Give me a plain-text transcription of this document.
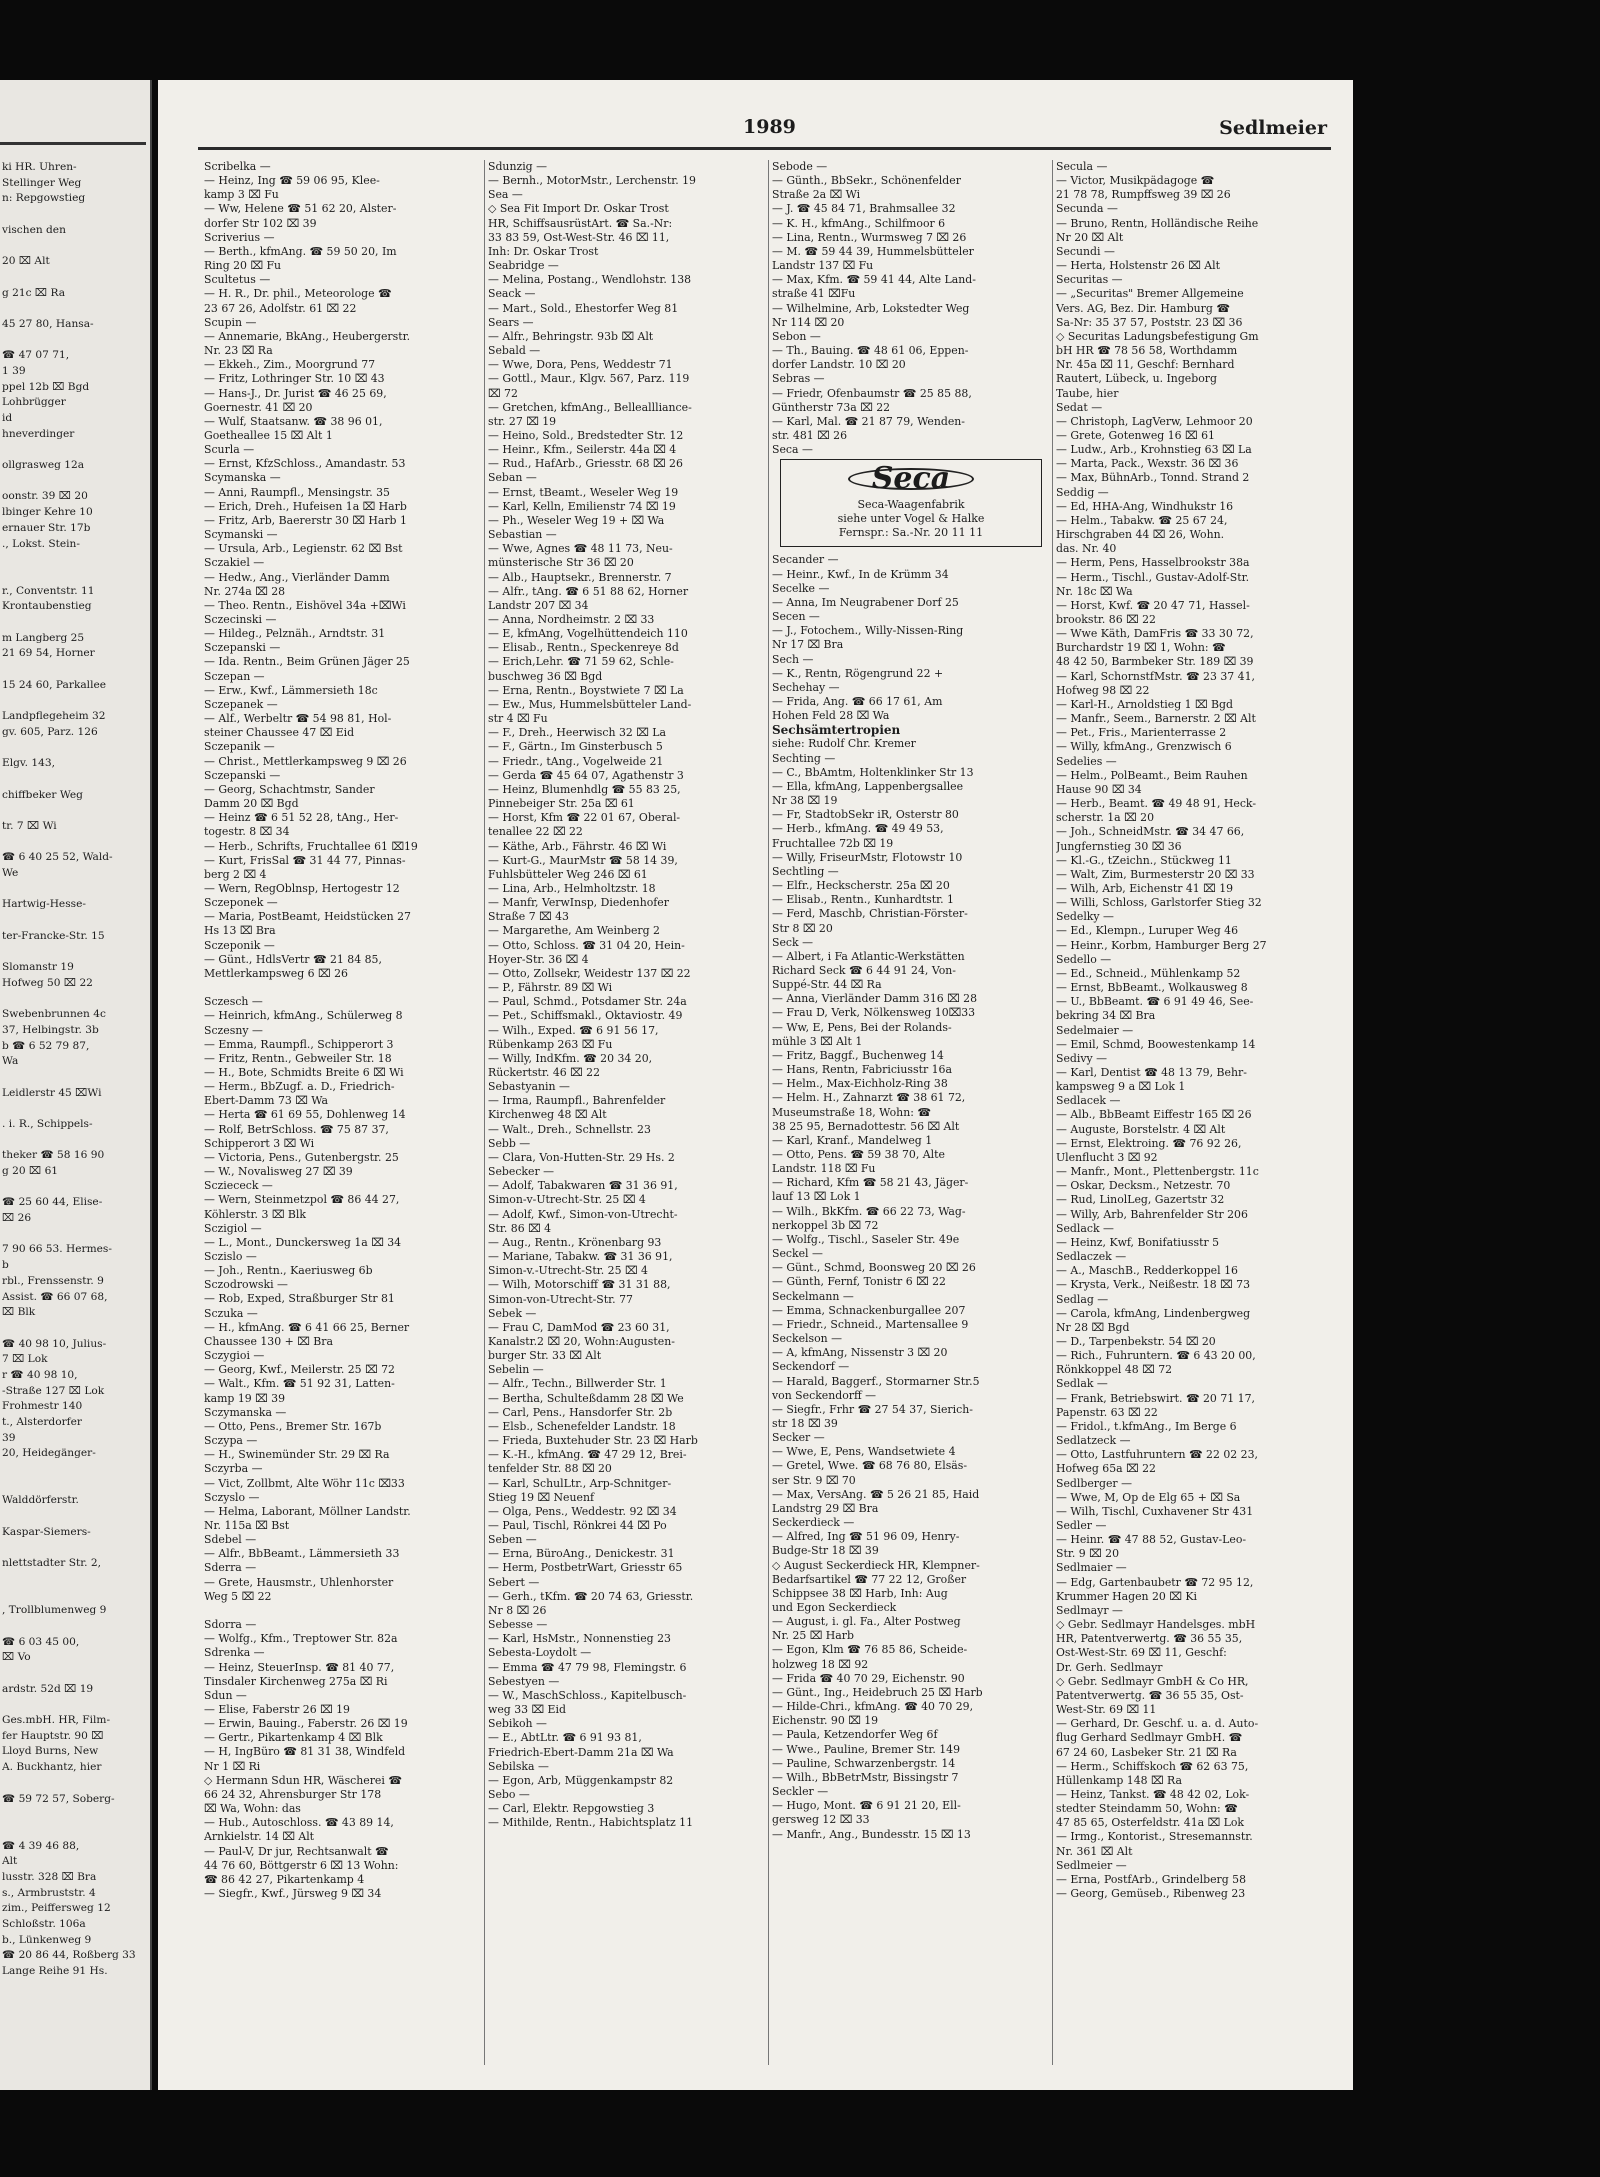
ki HR. Uhren-
Stellinger Weg
n: Repgowstieg
vischen den
20 ⌧ Alt
g 21c ⌧ Ra
45 27 80, Hansa-
☎ 47 07 71,
1 39
ppel 12b ⌧ Bgd
Lohbrügger
id
hneverdinger
ollgrasweg 12a
oonstr. 39 ⌧ 20
lbinger Kehre 10
ernauer Str. 17b
., Lokst. Stein-
r., Conventstr. 11
Krontaubenstieg
m Langberg 25
21 69 54, Horner
15 24 60, Parkallee
Landpflegeheim 32
gv. 605, Parz. 126
Elgv. 143,
chiffbeker Weg
tr. 7 ⌧ Wi
☎ 6 40 25 52, Wald-
We
Hartwig-Hesse-
ter-Francke-Str. 15
Slomanstr 19
Hofweg 50 ⌧ 22
Swebenbrunnen 4c
37, Helbingstr. 3b
b ☎ 6 52 79 87,
Wa
Leidlerstr 45 ⌧Wi
. i. R., Schippels-
theker ☎ 58 16 90
g 20 ⌧ 61
☎ 25 60 44, Elise-
⌧ 26
7 90 66 53. Hermes-
b
rbl., Frenssenstr. 9
Assist. ☎ 66 07 68,
⌧ Blk
☎ 40 98 10, Julius-
7 ⌧ Lok
r ☎ 40 98 10,
-Straße 127 ⌧ Lok
Frohmestr 140
t., Alsterdorfer
39
20, Heidegänger-
Walddörferstr.
Kaspar-Siemers-
nlettstadter Str. 2,
, Trollblumenweg 9
☎ 6 03 45 00,
⌧ Vo
ardstr. 52d ⌧ 19
Ges.mbH. HR, Film-
fer Hauptstr. 90 ⌧
Lloyd Burns, New
A. Buckhantz, hier
☎ 59 72 57, Soberg-
☎ 4 39 46 88,
Alt
lusstr. 328 ⌧ Bra
s., Armbruststr. 4
zim., Peiffersweg 12
Schloßstr. 106a
b., Lünkenweg 9
☎ 20 86 44, Roßberg 33
Lange Reihe 91 Hs.
1989	Sedlmeier
Scribelka —
— Heinz, Ing ☎ 59 06 95, Klee-
kamp 3 ⌧ Fu
— Ww, Helene ☎ 51 62 20, Alster-
dorfer Str 102 ⌧ 39
Scriverius —
— Berth., kfmAng. ☎ 59 50 20, Im
Ring 20 ⌧ Fu
Scultetus —
— H. R., Dr. phil., Meteorologe ☎
23 67 26, Adolfstr. 61 ⌧ 22
Scupin —
— Annemarie, BkAng., Heubergerstr.
Nr. 23 ⌧ Ra
— Ekkeh., Zim., Moorgrund 77
— Fritz, Lothringer Str. 10 ⌧ 43
— Hans-J., Dr. Jurist ☎ 46 25 69,
Goernestr. 41 ⌧ 20
— Wulf, Staatsanw. ☎ 38 96 01,
Goetheallee 15 ⌧ Alt 1
Scurla —
— Ernst, KfzSchloss., Amandastr. 53
Scymanska —
— Anni, Raumpfl., Mensingstr. 35
— Erich, Dreh., Hufeisen 1a ⌧ Harb
— Fritz, Arb, Baererstr 30 ⌧ Harb 1
Scymanski —
— Ursula, Arb., Legienstr. 62 ⌧ Bst
Sczakiel —
— Hedw., Ang., Vierländer Damm
Nr. 274a ⌧ 28
— Theo. Rentn., Eishövel 34a +⌧Wi
Sczecinski —
— Hildeg., Pelznäh., Arndtstr. 31
Sczepanski —
— Ida. Rentn., Beim Grünen Jäger 25
Sczepan —
— Erw., Kwf., Lämmersieth 18c
Sczepanek —
— Alf., Werbeltr ☎ 54 98 81, Hol-
steiner Chaussee 47 ⌧ Eid
Sczepanik —
— Christ., Mettlerkampsweg 9 ⌧ 26
Sczepanski —
— Georg, Schachtmstr, Sander
Damm 20 ⌧ Bgd
— Heinz ☎ 6 51 52 28, tAng., Her-
togestr. 8 ⌧ 34
— Herb., Schrifts, Fruchtallee 61 ⌧19
— Kurt, FrisSal ☎ 31 44 77, Pinnas-
berg 2 ⌧ 4
— Wern, RegOblnsp, Hertogestr 12
Sczeponek —
— Maria, PostBeamt, Heidstücken 27
Hs 13 ⌧ Bra
Sczeponik —
— Günt., HdlsVertr ☎ 21 84 85,
Mettlerkampsweg 6 ⌧ 26
Sczesch —
— Heinrich, kfmAng., Schülerweg 8
Sczesny —
— Emma, Raumpfl., Schipperort 3
— Fritz, Rentn., Gebweiler Str. 18
— H., Bote, Schmidts Breite 6 ⌧ Wi
— Herm., BbZugf. a. D., Friedrich-
Ebert-Damm 73 ⌧ Wa
— Herta ☎ 61 69 55, Dohlenweg 14
— Rolf, BetrSchloss. ☎ 75 87 37,
Schipperort 3 ⌧ Wi
— Victoria, Pens., Gutenbergstr. 25
— W., Novalisweg 27 ⌧ 39
Scziececk —
— Wern, Steinmetzpol ☎ 86 44 27,
Köhlerstr. 3 ⌧ Blk
Sczigiol —
— L., Mont., Dunckersweg 1a ⌧ 34
Sczislo —
— Joh., Rentn., Kaeriusweg 6b
Sczodrowski —
— Rob, Exped, Straßburger Str 81
Sczuka —
— H., kfmAng. ☎ 6 41 66 25, Berner
Chaussee 130 + ⌧ Bra
Sczygioi —
— Georg, Kwf., Meilerstr. 25 ⌧ 72
— Walt., Kfm. ☎ 51 92 31, Latten-
kamp 19 ⌧ 39
Sczymanska —
— Otto, Pens., Bremer Str. 167b
Sczypa —
— H., Swinemünder Str. 29 ⌧ Ra
Sczyrba —
— Vict, Zollbmt, Alte Wöhr 11c ⌧33
Sczyslo —
— Helma, Laborant, Möllner Landstr.
Nr. 115a ⌧ Bst
Sdebel —
— Alfr., BbBeamt., Lämmersieth 33
Sderra —
— Grete, Hausmstr., Uhlenhorster
Weg 5 ⌧ 22
Sdorra —
— Wolfg., Kfm., Treptower Str. 82a
Sdrenka —
— Heinz, SteuerInsp. ☎ 81 40 77,
Tinsdaler Kirchenweg 275a ⌧ Ri
Sdun —
— Elise, Faberstr 26 ⌧ 19
— Erwin, Bauing., Faberstr. 26 ⌧ 19
— Gertr., Pikartenkamp 4 ⌧ Blk
— H, IngBüro ☎ 81 31 38, Windfeld
Nr 1 ⌧ Ri
◇ Hermann Sdun HR, Wäscherei ☎
66 24 32, Ahrensburger Str 178
⌧ Wa, Wohn: das
— Hub., Autoschloss. ☎ 43 89 14,
Arnkielstr. 14 ⌧ Alt
— Paul-V, Dr jur, Rechtsanwalt ☎
44 76 60, Böttgerstr 6 ⌧ 13 Wohn:
☎ 86 42 27, Pikartenkamp 4
— Siegfr., Kwf., Jürsweg 9 ⌧ 34
Sdunzig —
— Bernh., MotorMstr., Lerchenstr. 19
Sea —
◇ Sea Fit Import Dr. Oskar Trost
HR, SchiffsausrüstArt. ☎ Sa.-Nr:
33 83 59, Ost-West-Str. 46 ⌧ 11,
Inh: Dr. Oskar Trost
Seabridge —
— Melina, Postang., Wendlohstr. 138
Seack —
— Mart., Sold., Ehestorfer Weg 81
Sears —
— Alfr., Behringstr. 93b ⌧ Alt
Sebald —
— Wwe, Dora, Pens, Weddestr 71
— Gottl., Maur., Klgv. 567, Parz. 119
⌧ 72
— Gretchen, kfmAng., Belleallliance-
str. 27 ⌧ 19
— Heino, Sold., Bredstedter Str. 12
— Heinr., Kfm., Seilerstr. 44a ⌧ 4
— Rud., HafArb., Griesstr. 68 ⌧ 26
Seban —
— Ernst, tBeamt., Weseler Weg 19
— Karl, Kelln, Emilienstr 74 ⌧ 19
— Ph., Weseler Weg 19 + ⌧ Wa
Sebastian —
— Wwe, Agnes ☎ 48 11 73, Neu-
münsterische Str 36 ⌧ 20
— Alb., Hauptsekr., Brennerstr. 7
— Alfr., tAng. ☎ 6 51 88 62, Horner
Landstr 207 ⌧ 34
— Anna, Nordheimstr. 2 ⌧ 33
— E, kfmAng, Vogelhüttendeich 110
— Elisab., Rentn., Speckenreye 8d
— Erich,Lehr. ☎ 71 59 62, Schle-
buschweg 36 ⌧ Bgd
— Erna, Rentn., Boystwiete 7 ⌧ La
— Ew., Mus, Hummelsbütteler Land-
str 4 ⌧ Fu
— F., Dreh., Heerwisch 32 ⌧ La
— F., Gärtn., Im Ginsterbusch 5
— Friedr., tAng., Vogelweide 21
— Gerda ☎ 45 64 07, Agathenstr 3
— Heinz, Blumenhdlg ☎ 55 83 25,
Pinnebeiger Str. 25a ⌧ 61
— Horst, Kfm ☎ 22 01 67, Oberal-
tenallee 22 ⌧ 22
— Käthe, Arb., Fährstr. 46 ⌧ Wi
— Kurt-G., MaurMstr ☎ 58 14 39,
Fuhlsbütteler Weg 246 ⌧ 61
— Lina, Arb., Helmholtzstr. 18
— Manfr, VerwInsp, Diedenhofer
Straße 7 ⌧ 43
— Margarethe, Am Weinberg 2
— Otto, Schloss. ☎ 31 04 20, Hein-
Hoyer-Str. 36 ⌧ 4
— Otto, Zollsekr, Weidestr 137 ⌧ 22
— P., Fährstr. 89 ⌧ Wi
— Paul, Schmd., Potsdamer Str. 24a
— Pet., Schiffsmakl., Oktaviostr. 49
— Wilh., Exped. ☎ 6 91 56 17,
Rübenkamp 263 ⌧ Fu
— Willy, IndKfm. ☎ 20 34 20,
Rückertstr. 46 ⌧ 22
Sebastyanin —
— Irma, Raumpfl., Bahrenfelder
Kirchenweg 48 ⌧ Alt
— Walt., Dreh., Schnellstr. 23
Sebb —
— Clara, Von-Hutten-Str. 29 Hs. 2
Sebecker —
— Adolf, Tabakwaren ☎ 31 36 91,
Simon-v-Utrecht-Str. 25 ⌧ 4
— Adolf, Kwf., Simon-von-Utrecht-
Str. 86 ⌧ 4
— Aug., Rentn., Krönenbarg 93
— Mariane, Tabakw. ☎ 31 36 91,
Simon-v.-Utrecht-Str. 25 ⌧ 4
— Wilh, Motorschiff ☎ 31 31 88,
Simon-von-Utrecht-Str. 77
Sebek —
— Frau C, DamMod ☎ 23 60 31,
Kanalstr.2 ⌧ 20, Wohn:Augusten-
burger Str. 33 ⌧ Alt
Sebelin —
— Alfr., Techn., Billwerder Str. 1
— Bertha, Schulteßdamm 28 ⌧ We
— Carl, Pens., Hansdorfer Str. 2b
— Elsb., Schenefelder Landstr. 18
— Frieda, Buxtehuder Str. 23 ⌧ Harb
— K.-H., kfmAng. ☎ 47 29 12, Brei-
tenfelder Str. 88 ⌧ 20
— Karl, SchulLtr., Arp-Schnitger-
Stieg 19 ⌧ Neuenf
— Olga, Pens., Weddestr. 92 ⌧ 34
— Paul, Tischl, Rönkrei 44 ⌧ Po
Seben —
— Erna, BüroAng., Denickestr. 31
— Herm, PostbetrWart, Griesstr 65
Sebert —
— Gerh., tKfm. ☎ 20 74 63, Griesstr.
Nr 8 ⌧ 26
Sebesse —
— Karl, HsMstr., Nonnenstieg 23
Sebesta-Loydolt —
— Emma ☎ 47 79 98, Flemingstr. 6
Sebestyen —
— W., MaschSchloss., Kapitelbusch-
weg 33 ⌧ Eid
Sebikoh —
— E., AbtLtr. ☎ 6 91 93 81,
Friedrich-Ebert-Damm 21a ⌧ Wa
Sebilska —
— Egon, Arb, Müggenkampstr 82
Sebo —
— Carl, Elektr. Repgowstieg 3
— Mithilde, Rentn., Habichtsplatz 11
Sebode —
— Günth., BbSekr., Schönenfelder
Straße 2a ⌧ Wi
— J. ☎ 45 84 71, Brahmsallee 32
— K. H., kfmAng., Schilfmoor 6
— Lina, Rentn., Wurmsweg 7 ⌧ 26
— M. ☎ 59 44 39, Hummelsbütteler
Landstr 137 ⌧ Fu
— Max, Kfm. ☎ 59 41 44, Alte Land-
straße 41 ⌧Fu
— Wilhelmine, Arb, Lokstedter Weg
Nr 114 ⌧ 20
Sebon —
— Th., Bauing. ☎ 48 61 06, Eppen-
dorfer Landstr. 10 ⌧ 20
Sebras —
— Friedr, Ofenbaumstr ☎ 25 85 88,
Güntherstr 73a ⌧ 22
— Karl, Mal. ☎ 21 87 79, Wenden-
str. 481 ⌧ 26
Seca —
Seca
Seca-Waagenfabrik
siehe unter Vogel & Halke
Fernspr.: Sa.-Nr. 20 11 11
Secander —
— Heinr., Kwf., In de Krümm 34
Secelke —
— Anna, Im Neugrabener Dorf 25
Secen —
— J., Fotochem., Willy-Nissen-Ring
Nr 17 ⌧ Bra
Sech —
— K., Rentn, Rögengrund 22 +
Sechehay —
— Frida, Ang. ☎ 66 17 61, Am
Hohen Feld 28 ⌧ Wa
Sechsämtertropien
siehe: Rudolf Chr. Kremer
Sechting —
— C., BbAmtm, Holtenklinker Str 13
— Ella, kfmAng, Lappenbergsallee
Nr 38 ⌧ 19
— Fr, StadtobSekr iR, Osterstr 80
— Herb., kfmAng. ☎ 49 49 53,
Fruchtallee 72b ⌧ 19
— Willy, FriseurMstr, Flotowstr 10
Sechtling —
— Elfr., Heckscherstr. 25a ⌧ 20
— Elisab., Rentn., Kunhardtstr. 1
— Ferd, Maschb, Christian-Förster-
Str 8 ⌧ 20
Seck —
— Albert, i Fa Atlantic-Werkstätten
Richard Seck ☎ 6 44 91 24, Von-
Suppé-Str. 44 ⌧ Ra
— Anna, Vierländer Damm 316 ⌧ 28
— Frau D, Verk, Nölkensweg 10⌧33
— Ww, E, Pens, Bei der Rolands-
mühle 3 ⌧ Alt 1
— Fritz, Baggf., Buchenweg 14
— Hans, Rentn, Fabriciusstr 16a
— Helm., Max-Eichholz-Ring 38
— Helm. H., Zahnarzt ☎ 38 61 72,
Museumstraße 18, Wohn: ☎
38 25 95, Bernadottestr. 56 ⌧ Alt
— Karl, Kranf., Mandelweg 1
— Otto, Pens. ☎ 59 38 70, Alte
Landstr. 118 ⌧ Fu
— Richard, Kfm ☎ 58 21 43, Jäger-
lauf 13 ⌧ Lok 1
— Wilh., BkKfm. ☎ 66 22 73, Wag-
nerkoppel 3b ⌧ 72
— Wolfg., Tischl., Saseler Str. 49e
Seckel —
— Günt., Schmd, Boonsweg 20 ⌧ 26
— Günth, Fernf, Tonistr 6 ⌧ 22
Seckelmann —
— Emma, Schnackenburgallee 207
— Friedr., Schneid., Martensallee 9
Seckelson —
— A, kfmAng, Nissenstr 3 ⌧ 20
Seckendorf —
— Harald, Baggerf., Stormarner Str.5
von Seckendorff —
— Siegfr., Frhr ☎ 27 54 37, Sierich-
str 18 ⌧ 39
Secker —
— Wwe, E, Pens, Wandsetwiete 4
— Gretel, Wwe. ☎ 68 76 80, Elsäs-
ser Str. 9 ⌧ 70
— Max, VersAng. ☎ 5 26 21 85, Haid
Landstrg 29 ⌧ Bra
Seckerdieck —
— Alfred, Ing ☎ 51 96 09, Henry-
Budge-Str 18 ⌧ 39
◇ August Seckerdieck HR, Klempner-
Bedarfsartikel ☎ 77 22 12, Großer
Schippsee 38 ⌧ Harb, Inh: Aug
und Egon Seckerdieck
— August, i. gl. Fa., Alter Postweg
Nr. 25 ⌧ Harb
— Egon, Klm ☎ 76 85 86, Scheide-
holzweg 18 ⌧ 92
— Frida ☎ 40 70 29, Eichenstr. 90
— Günt., Ing., Heidebruch 25 ⌧ Harb
— Hilde-Chri., kfmAng. ☎ 40 70 29,
Eichenstr. 90 ⌧ 19
— Paula, Ketzendorfer Weg 6f
— Wwe., Pauline, Bremer Str. 149
— Pauline, Schwarzenbergstr. 14
— Wilh., BbBetrMstr, Bissingstr 7
Seckler —
— Hugo, Mont. ☎ 6 91 21 20, Ell-
gersweg 12 ⌧ 33
— Manfr., Ang., Bundesstr. 15 ⌧ 13
Secula —
— Victor, Musikpädagoge ☎
21 78 78, Rumpffsweg 39 ⌧ 26
Secunda —
— Bruno, Rentn, Holländische Reihe
Nr 20 ⌧ Alt
Secundi —
— Herta, Holstenstr 26 ⌧ Alt
Securitas —
— „Securitas" Bremer Allgemeine
Vers. AG, Bez. Dir. Hamburg ☎
Sa-Nr: 35 37 57, Poststr. 23 ⌧ 36
◇ Securitas Ladungsbefestigung Gm
bH HR ☎ 78 56 58, Worthdamm
Nr. 45a ⌧ 11, Geschf: Bernhard
Rautert, Lübeck, u. Ingeborg
Taube, hier
Sedat —
— Christoph, LagVerw, Lehmoor 20
— Grete, Gotenweg 16 ⌧ 61
— Ludw., Arb., Krohnstieg 63 ⌧ La
— Marta, Pack., Wexstr. 36 ⌧ 36
— Max, BühnArb., Tonnd. Strand 2
Seddig —
— Ed, HHA-Ang, Windhukstr 16
— Helm., Tabakw. ☎ 25 67 24,
Hirschgraben 44 ⌧ 26, Wohn.
das. Nr. 40
— Herm, Pens, Hasselbrookstr 38a
— Herm., Tischl., Gustav-Adolf-Str.
Nr. 18c ⌧ Wa
— Horst, Kwf. ☎ 20 47 71, Hassel-
brookstr. 86 ⌧ 22
— Wwe Käth, DamFris ☎ 33 30 72,
Burchardstr 19 ⌧ 1, Wohn: ☎
48 42 50, Barmbeker Str. 189 ⌧ 39
— Karl, SchornstfMstr. ☎ 23 37 41,
Hofweg 98 ⌧ 22
— Karl-H., Arnoldstieg 1 ⌧ Bgd
— Manfr., Seem., Barnerstr. 2 ⌧ Alt
— Pet., Fris., Marienterrasse 2
— Willy, kfmAng., Grenzwisch 6
Sedelies —
— Helm., PolBeamt., Beim Rauhen
Hause 90 ⌧ 34
— Herb., Beamt. ☎ 49 48 91, Heck-
scherstr. 1a ⌧ 20
— Joh., SchneidMstr. ☎ 34 47 66,
Jungfernstieg 30 ⌧ 36
— Kl.-G., tZeichn., Stückweg 11
— Walt, Zim, Burmesterstr 20 ⌧ 33
— Wilh, Arb, Eichenstr 41 ⌧ 19
— Willi, Schloss, Garlstorfer Stieg 32
Sedelky —
— Ed., Klempn., Luruper Weg 46
— Heinr., Korbm, Hamburger Berg 27
Sedello —
— Ed., Schneid., Mühlenkamp 52
— Ernst, BbBeamt., Wolkausweg 8
— U., BbBeamt. ☎ 6 91 49 46, See-
bekring 34 ⌧ Bra
Sedelmaier —
— Emil, Schmd, Boowestenkamp 14
Sedivy —
— Karl, Dentist ☎ 48 13 79, Behr-
kampsweg 9 a ⌧ Lok 1
Sedlacek —
— Alb., BbBeamt Eiffestr 165 ⌧ 26
— Auguste, Borstelstr. 4 ⌧ Alt
— Ernst, Elektroing. ☎ 76 92 26,
Ulenflucht 3 ⌧ 92
— Manfr., Mont., Plettenbergstr. 11c
— Oskar, Decksm., Netzestr. 70
— Rud, LinolLeg, Gazertstr 32
— Willy, Arb, Bahrenfelder Str 206
Sedlack —
— Heinz, Kwf, Bonifatiusstr 5
Sedlaczek —
— A., MaschB., Redderkoppel 16
— Krysta, Verk., Neißestr. 18 ⌧ 73
Sedlag —
— Carola, kfmAng, Lindenbergweg
Nr 28 ⌧ Bgd
— D., Tarpenbekstr. 54 ⌧ 20
— Rich., Fuhruntern. ☎ 6 43 20 00,
Rönkkoppel 48 ⌧ 72
Sedlak —
— Frank, Betriebswirt. ☎ 20 71 17,
Papenstr. 63 ⌧ 22
— Fridol., t.kfmAng., Im Berge 6
Sedlatzeck —
— Otto, Lastfuhruntern ☎ 22 02 23,
Hofweg 65a ⌧ 22
Sedlberger —
— Wwe, M, Op de Elg 65 + ⌧ Sa
— Wilh, Tischl, Cuxhavener Str 431
Sedler —
— Heinr. ☎ 47 88 52, Gustav-Leo-
Str. 9 ⌧ 20
Sedlmaier —
— Edg, Gartenbaubetr ☎ 72 95 12,
Krummer Hagen 20 ⌧ Ki
Sedlmayr —
◇ Gebr. Sedlmayr Handelsges. mbH
HR, Patentverwertg. ☎ 36 55 35,
Ost-West-Str. 69 ⌧ 11, Geschf:
Dr. Gerh. Sedlmayr
◇ Gebr. Sedlmayr GmbH & Co HR,
Patentverwertg. ☎ 36 55 35, Ost-
West-Str. 69 ⌧ 11
— Gerhard, Dr. Geschf. u. a. d. Auto-
flug Gerhard Sedlmayr GmbH. ☎
67 24 60, Lasbeker Str. 21 ⌧ Ra
— Herm., Schiffskoch ☎ 62 63 75,
Hüllenkamp 148 ⌧ Ra
— Heinz, Tankst. ☎ 48 42 02, Lok-
stedter Steindamm 50, Wohn: ☎
47 85 65, Osterfeldstr. 41a ⌧ Lok
— Irmg., Kontorist., Stresemannstr.
Nr. 361 ⌧ Alt
Sedlmeier —
— Erna, PostfArb., Grindelberg 58
— Georg, Gemüseb., Ribenweg 23
